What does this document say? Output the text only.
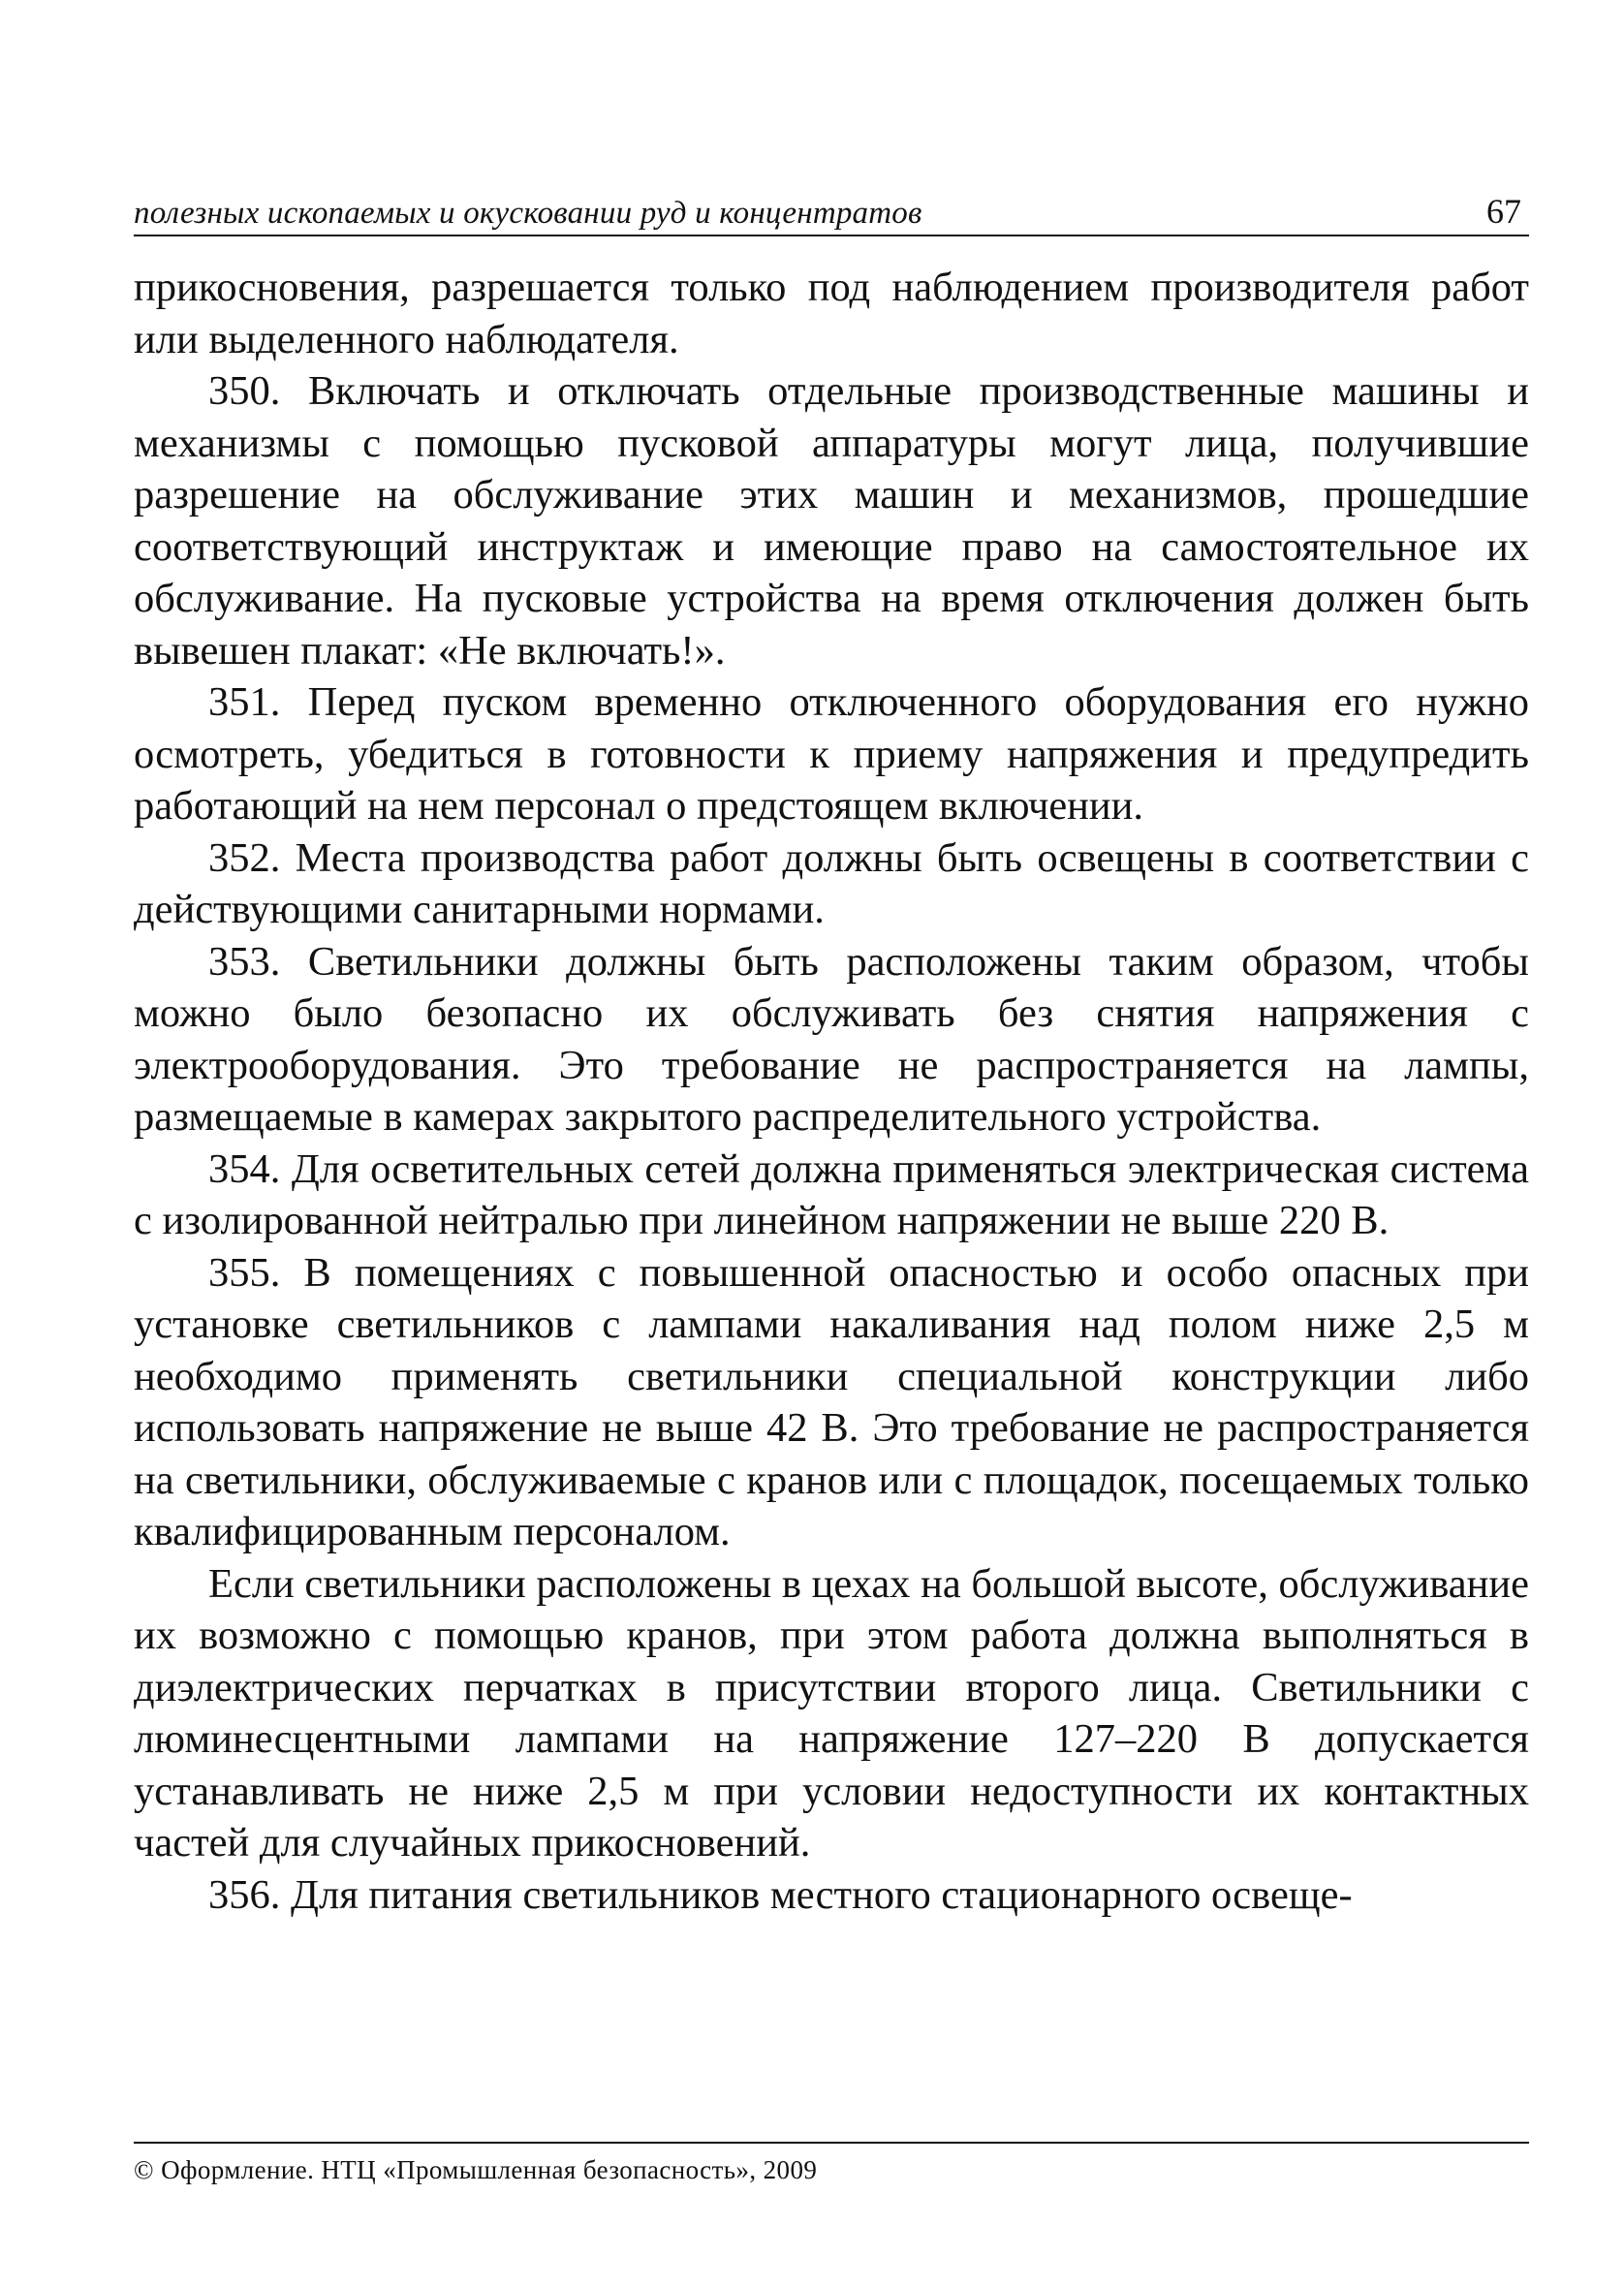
полезных ископаемых и окусковании руд и концентратов	67

прикосновения, разрешается только под наблюдением производителя работ или выделенного наблюдателя.

350. Включать и отключать отдельные производственные машины и механизмы с помощью пусковой аппаратуры могут лица, получившие разрешение на обслуживание этих машин и механизмов, прошедшие соответствующий инструктаж и имеющие право на самостоятельное их обслуживание. На пусковые устройства на время отключения должен быть вывешен плакат: «Не включать!».

351. Перед пуском временно отключенного оборудования его нужно осмотреть, убедиться в готовности к приему напряжения и предупредить работающий на нем персонал о предстоящем включении.

352. Места производства работ должны быть освещены в соответствии с действующими санитарными нормами.

353. Светильники должны быть расположены таким образом, чтобы можно было безопасно их обслуживать без снятия напряжения с электрооборудования. Это требование не распространяется на лампы, размещаемые в камерах закрытого распределительного устройства.

354. Для осветительных сетей должна применяться электрическая система с изолированной нейтралью при линейном напряжении не выше 220 В.

355. В помещениях с повышенной опасностью и особо опасных при установке светильников с лампами накаливания над полом ниже 2,5 м необходимо применять светильники специальной конструкции либо использовать напряжение не выше 42 В. Это требование не распространяется на светильники, обслуживаемые с кранов или с площадок, посещаемых только квалифицированным персоналом.

Если светильники расположены в цехах на большой высоте, обслуживание их возможно с помощью кранов, при этом работа должна выполняться в диэлектрических перчатках в присутствии второго лица. Светильники с люминесцентными лампами на напряжение 127–220 В допускается устанавливать не ниже 2,5 м при условии недоступности их контактных частей для случайных прикосновений.

356. Для питания светильников местного стационарного освеще-

© Оформление. НТЦ «Промышленная безопасность», 2009
